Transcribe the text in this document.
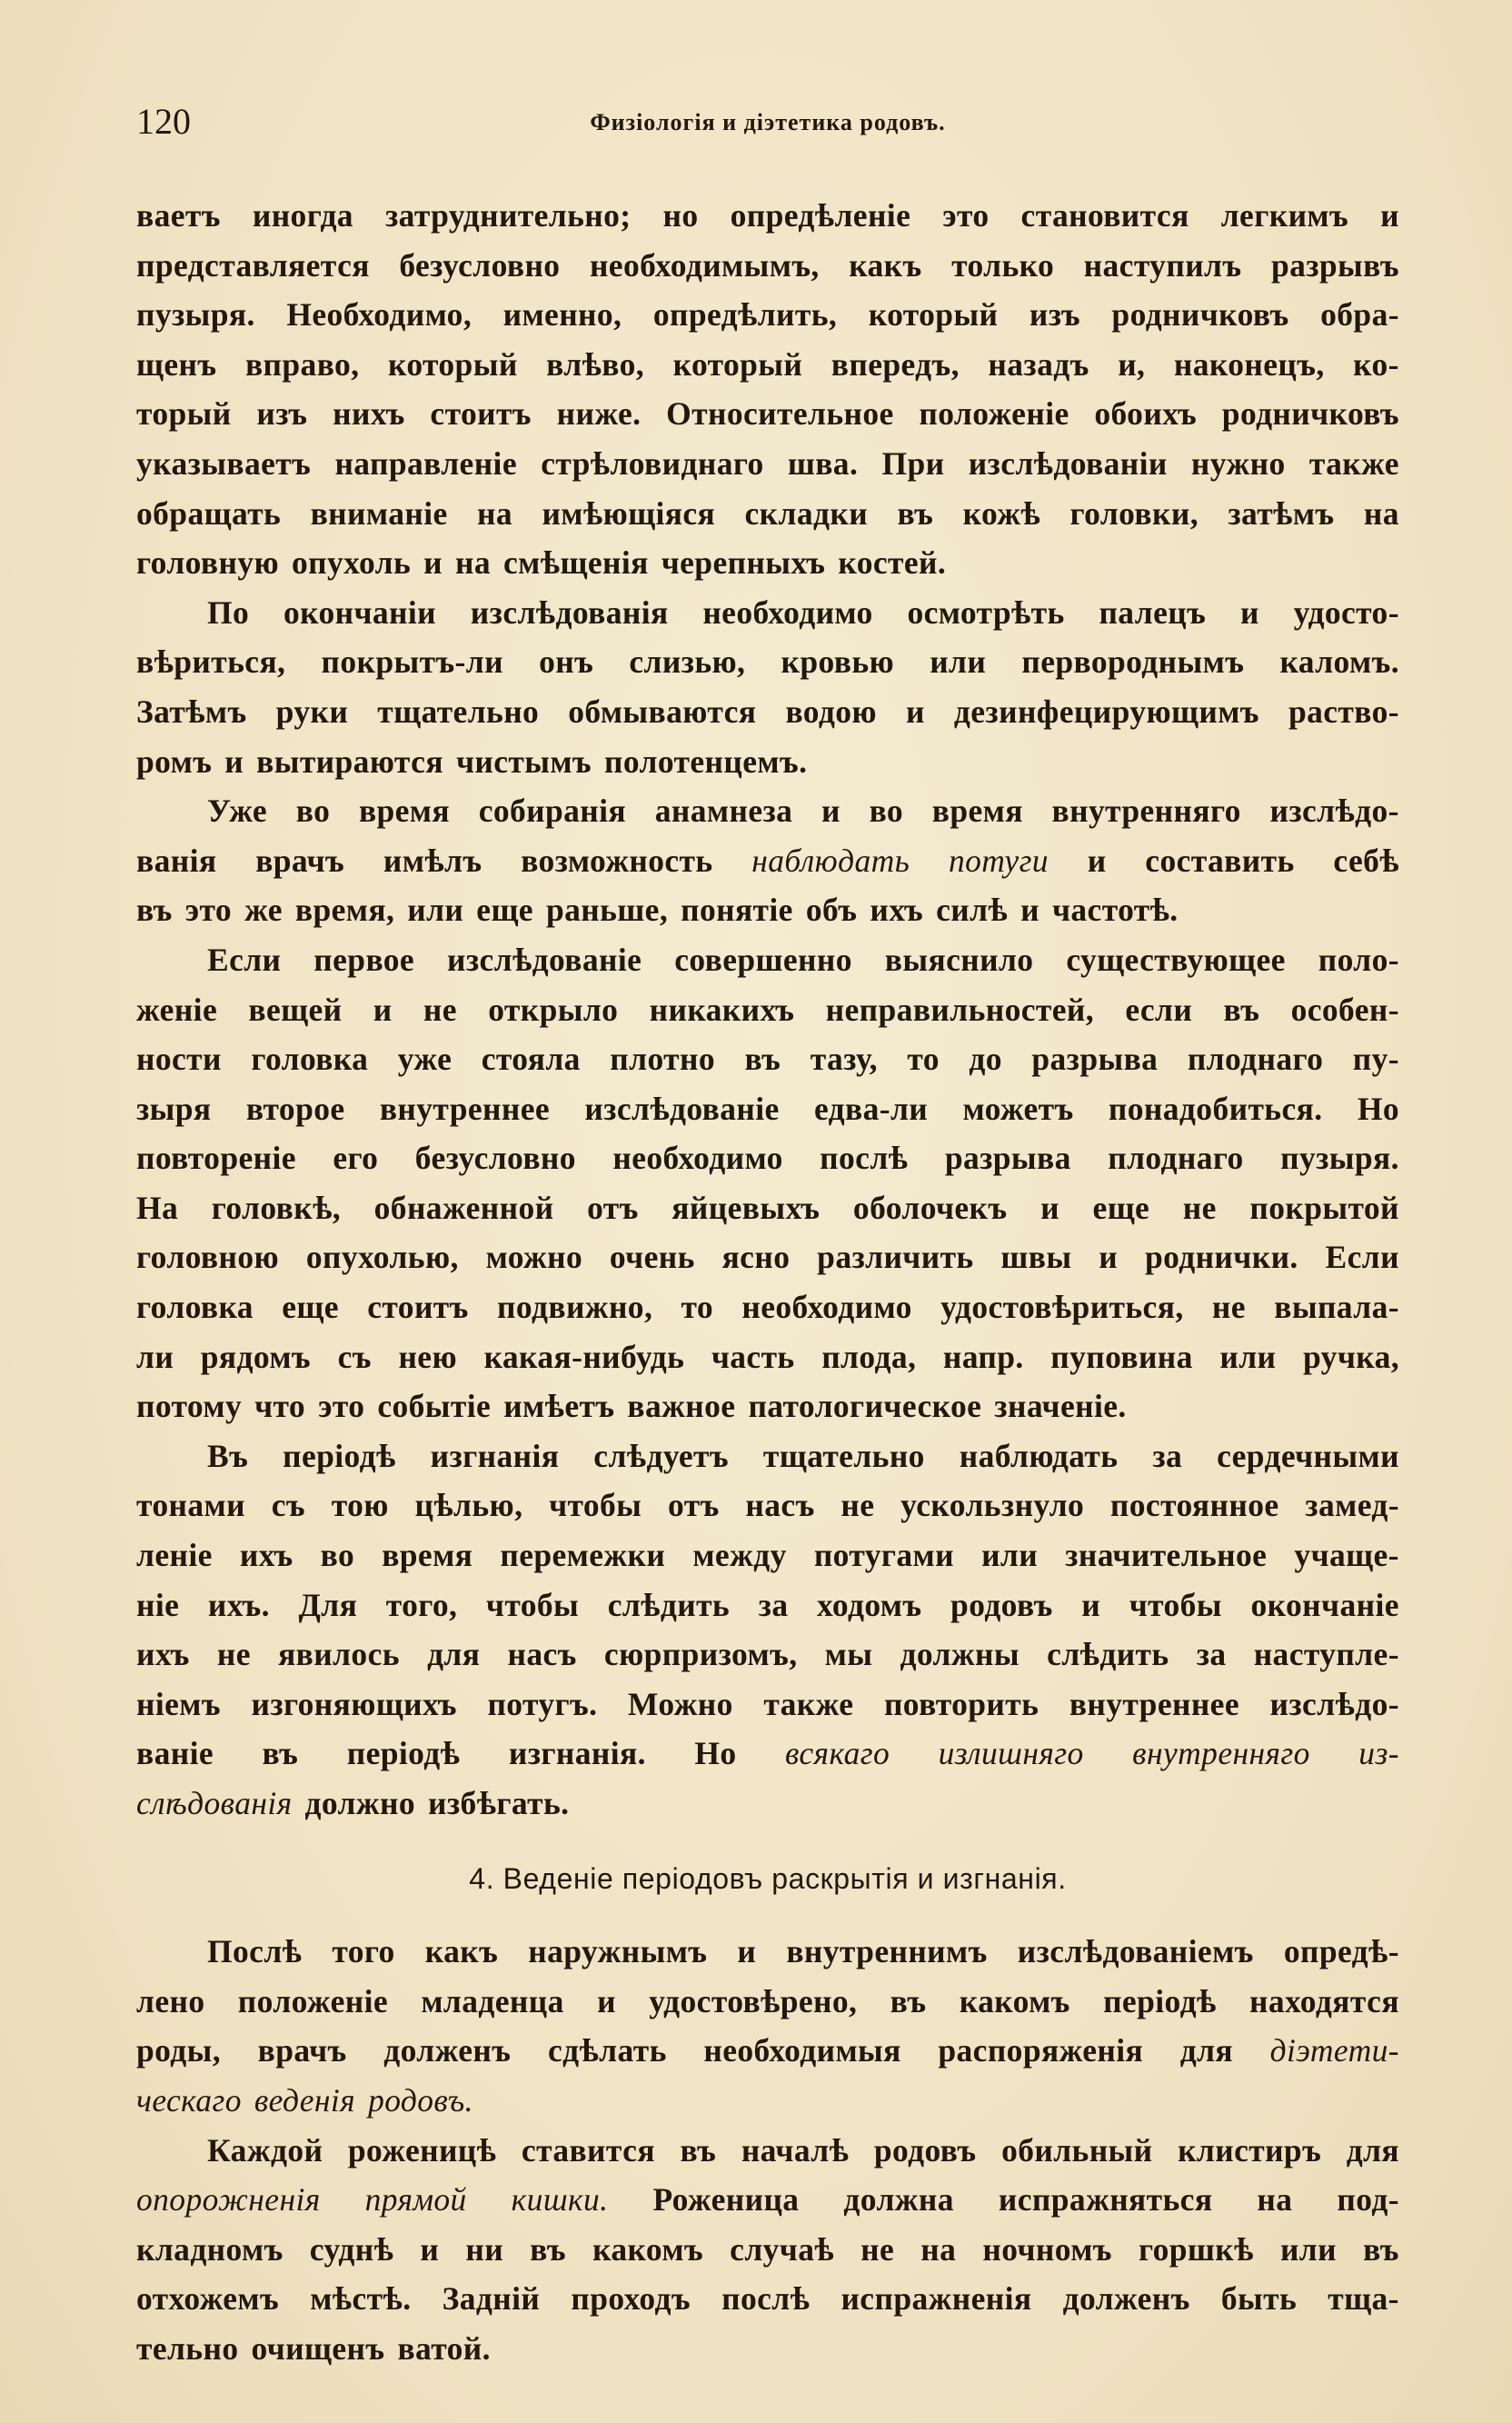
120	Физіологія и діэтетика родовъ.
ваетъ иногда затруднительно; но опредѣленіе это становится легкимъ и
представляется безусловно необходимымъ, какъ только наступилъ разрывъ
пузыря. Необходимо, именно, опредѣлить, который изъ родничковъ обра-
щенъ вправо, который влѣво, который впередъ, назадъ и, наконецъ, ко-
торый изъ нихъ стоитъ ниже. Относительное положеніе обоихъ родничковъ
указываетъ направленіе стрѣловиднаго шва. При изслѣдованіи нужно также
обращать вниманіе на имѣющіяся складки въ кожѣ головки, затѣмъ на
головную опухоль и на смѣщенія черепныхъ костей.
По окончаніи изслѣдованія необходимо осмотрѣть палецъ и удосто-
вѣриться, покрытъ-ли онъ слизью, кровью или первороднымъ каломъ.
Затѣмъ руки тщательно обмываются водою и дезинфецирующимъ раство-
ромъ и вытираются чистымъ полотенцемъ.
Уже во время собиранія анамнеза и во время внутренняго изслѣдо-
ванія врачъ имѣлъ возможность наблюдать потуги и составить себѣ
въ это же время, или еще раньше, понятіе объ ихъ силѣ и частотѣ.
Если первое изслѣдованіе совершенно выяснило существующее поло-
женіе вещей и не открыло никакихъ неправильностей, если въ особен-
ности головка уже стояла плотно въ тазу, то до разрыва плоднаго пу-
зыря второе внутреннее изслѣдованіе едва-ли можетъ понадобиться. Но
повтореніе его безусловно необходимо послѣ разрыва плоднаго пузыря.
На головкѣ, обнаженной отъ яйцевыхъ оболочекъ и еще не покрытой
головною опухолью, можно очень ясно различить швы и роднички. Если
головка еще стоитъ подвижно, то необходимо удостовѣриться, не выпала-
ли рядомъ съ нею какая-нибудь часть плода, напр. пуповина или ручка,
потому что это событіе имѣетъ важное патологическое значеніе.
Въ періодѣ изгнанія слѣдуетъ тщательно наблюдать за сердечными
тонами съ тою цѣлью, чтобы отъ насъ не ускользнуло постоянное замед-
леніе ихъ во время перемежки между потугами или значительное учаще-
ніе ихъ. Для того, чтобы слѣдить за ходомъ родовъ и чтобы окончаніе
ихъ не явилось для насъ сюрпризомъ, мы должны слѣдить за наступле-
ніемъ изгоняющихъ потугъ. Можно также повторить внутреннее изслѣдо-
ваніе въ періодѣ изгнанія. Но всякаго излишняго внутренняго из-
слѣдованія должно избѣгать.
4. Веденіе періодовъ раскрытія и изгнанія.
Послѣ того какъ наружнымъ и внутреннимъ изслѣдованіемъ опредѣ-
лено положеніе младенца и удостовѣрено, въ какомъ періодѣ находятся
роды, врачъ долженъ сдѣлать необходимыя распоряженія для діэтети-
ческаго веденія родовъ.
Каждой роженицѣ ставится въ началѣ родовъ обильный клистиръ для
опорожненія прямой кишки. Роженица должна испражняться на под-
кладномъ суднѣ и ни въ какомъ случаѣ не на ночномъ горшкѣ или въ
отхожемъ мѣстѣ. Задній проходъ послѣ испражненія долженъ быть тща-
тельно очищенъ ватой.
